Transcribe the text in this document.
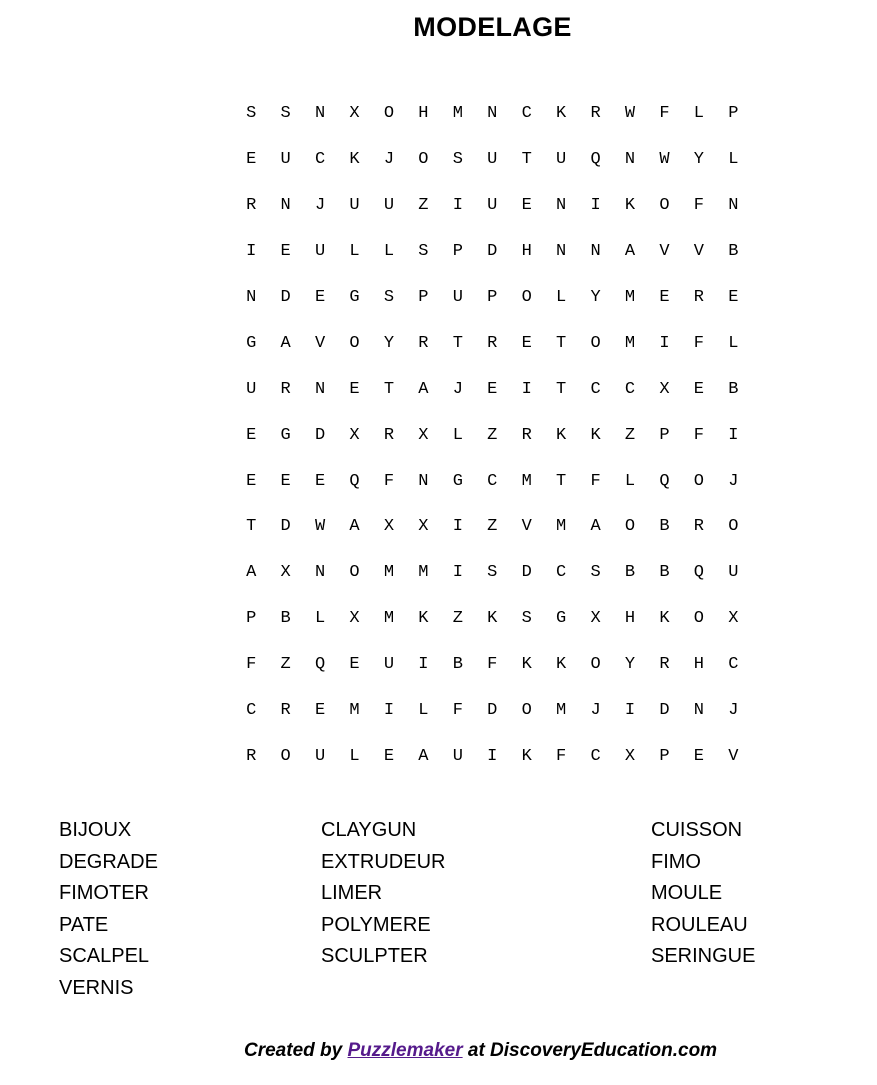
MODELAGE
S	S	N	X	O	H	M	N	C	K	R	W	F	L	P
E	U	C	K	J	O	S	U	T	U	Q	N	W	Y	L
R	N	J	U	U	Z	I	U	E	N	I	K	O	F	N
I	E	U	L	L	S	P	D	H	N	N	A	V	V	B
N	D	E	G	S	P	U	P	O	L	Y	M	E	R	E
G	A	V	O	Y	R	T	R	E	T	O	M	I	F	L
U	R	N	E	T	A	J	E	I	T	C	C	X	E	B
E	G	D	X	R	X	L	Z	R	K	K	Z	P	F	I
E	E	E	Q	F	N	G	C	M	T	F	L	Q	O	J
T	D	W	A	X	X	I	Z	V	M	A	O	B	R	O
A	X	N	O	M	M	I	S	D	C	S	B	B	Q	U
P	B	L	X	M	K	Z	K	S	G	X	H	K	O	X
F	Z	Q	E	U	I	B	F	K	K	O	Y	R	H	C
C	R	E	M	I	L	F	D	O	M	J	I	D	N	J
R	O	U	L	E	A	U	I	K	F	C	X	P	E	V
BIJOUX
DEGRADE
FIMOTER
PATE
SCALPEL
VERNIS
CLAYGUN
EXTRUDEUR
LIMER
POLYMERE
SCULPTER
CUISSON
FIMO
MOULE
ROULEAU
SERINGUE
Created by Puzzlemaker at DiscoveryEducation.com
